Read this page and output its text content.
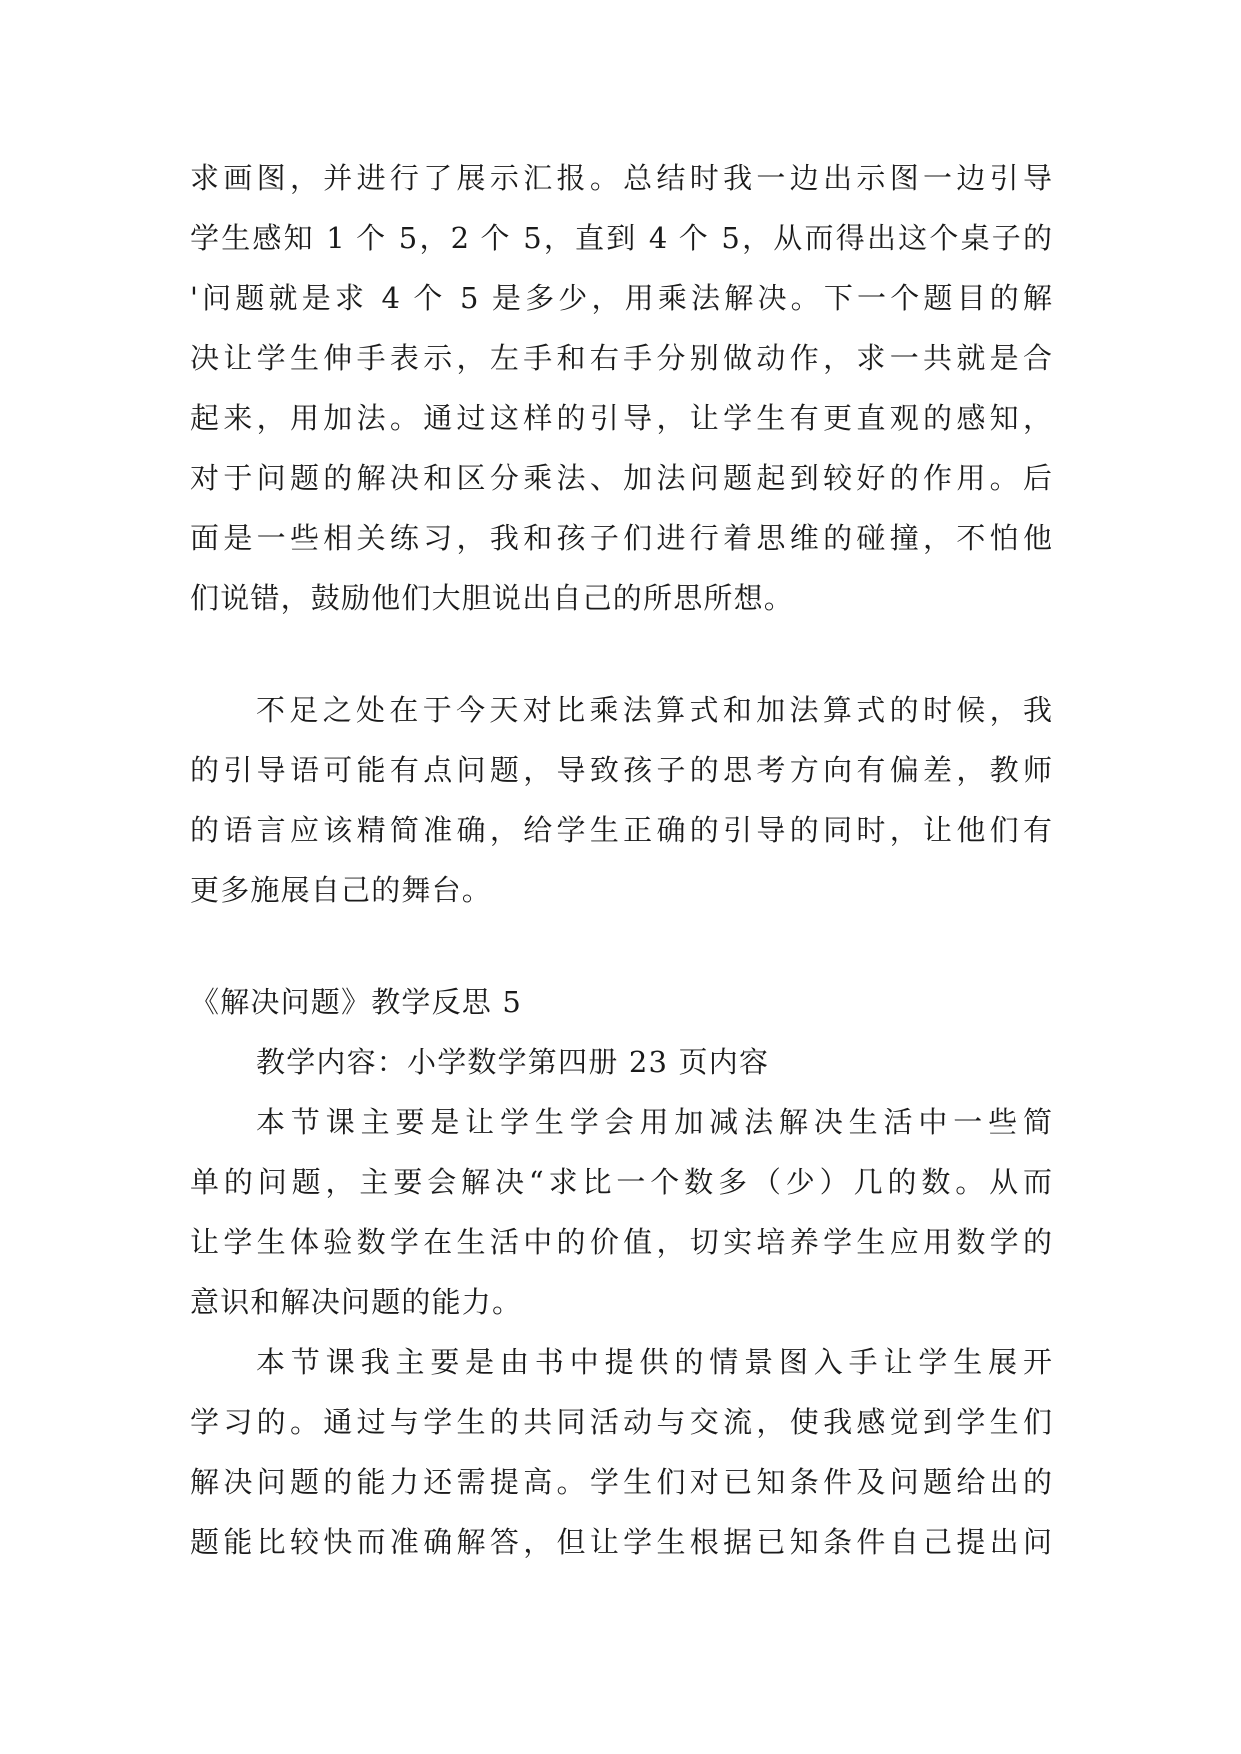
求画图，并进行了展示汇报。总结时我一边出示图一边引导
学生感知 1 个 5，2 个 5，直到 4 个 5，从而得出这个桌子的
'问题就是求 4 个 5 是多少，用乘法解决。下一个题目的解
决让学生伸手表示，左手和右手分别做动作，求一共就是合
起来，用加法。通过这样的引导，让学生有更直观的感知，
对于问题的解决和区分乘法、加法问题起到较好的作用。后
面是一些相关练习，我和孩子们进行着思维的碰撞，不怕他
们说错，鼓励他们大胆说出自己的所思所想。
不足之处在于今天对比乘法算式和加法算式的时候，我
的引导语可能有点问题，导致孩子的思考方向有偏差，教师
的语言应该精简准确，给学生正确的引导的同时，让他们有
更多施展自己的舞台。
《解决问题》教学反思 5
教学内容：小学数学第四册 23 页内容
本节课主要是让学生学会用加减法解决生活中一些简
单的问题，主要会解决“求比一个数多（少）几的数。从而
让学生体验数学在生活中的价值，切实培养学生应用数学的
意识和解决问题的能力。
本节课我主要是由书中提供的情景图入手让学生展开
学习的。通过与学生的共同活动与交流，使我感觉到学生们
解决问题的能力还需提高。学生们对已知条件及问题给出的
题能比较快而准确解答，但让学生根据已知条件自己提出问
